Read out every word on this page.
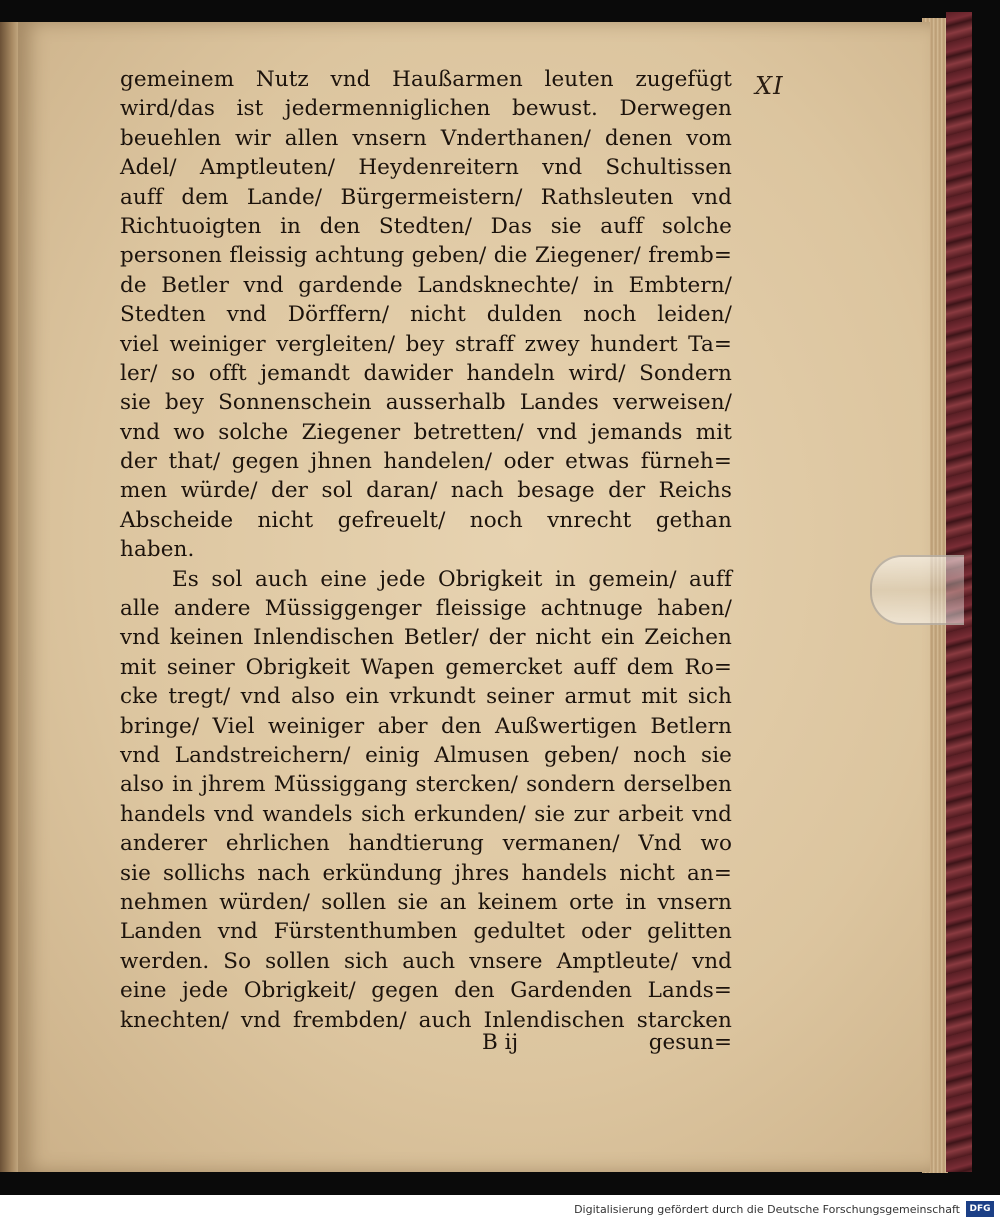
XI
gemeinem Nutz vnd Haußarmen leuten zugefügt
wird/das ist jedermenniglichen bewust. Derwegen
beuehlen wir allen vnsern Vnderthanen/ denen vom
Adel/ Amptleuten/ Heydenreitern vnd Schultissen
auff dem Lande/ Bürgermeistern/ Rathsleuten vnd
Richtuoigten in den Stedten/ Das sie auff solche
personen fleissig achtung geben/ die Ziegener/ fremb=
de Betler vnd gardende Landsknechte/ in Embtern/
Stedten vnd Dörffern/ nicht dulden noch leiden/
viel weiniger vergleiten/ bey straff zwey hundert Ta=
ler/ so offt jemandt dawider handeln wird/ Sondern
sie bey Sonnenschein ausserhalb Landes verweisen/
vnd wo solche Ziegener betretten/ vnd jemands mit
der that/ gegen jhnen handelen/ oder etwas fürneh=
men würde/ der sol daran/ nach besage der Reichs
Abscheide nicht gefreuelt/ noch vnrecht gethan
haben.
Es sol auch eine jede Obrigkeit in gemein/ auff
alle andere Müssiggenger fleissige achtnuge haben/
vnd keinen Inlendischen Betler/ der nicht ein Zeichen
mit seiner Obrigkeit Wapen gemercket auff dem Ro=
cke tregt/ vnd also ein vrkundt seiner armut mit sich
bringe/ Viel weiniger aber den Außwertigen Betlern
vnd Landstreichern/ einig Almusen geben/ noch sie
also in jhrem Müssiggang stercken/ sondern derselben
handels vnd wandels sich erkunden/ sie zur arbeit vnd
anderer ehrlichen handtierung vermanen/ Vnd wo
sie sollichs nach erkündung jhres handels nicht an=
nehmen würden/ sollen sie an keinem orte in vnsern
Landen vnd Fürstenthumben gedultet oder gelitten
werden. So sollen sich auch vnsere Amptleute/ vnd
eine jede Obrigkeit/ gegen den Gardenden Lands=
knechten/ vnd frembden/ auch Inlendischen starcken
B ij	gesun=
Digitalisierung gefördert durch die Deutsche Forschungsgemeinschaft	DFG
